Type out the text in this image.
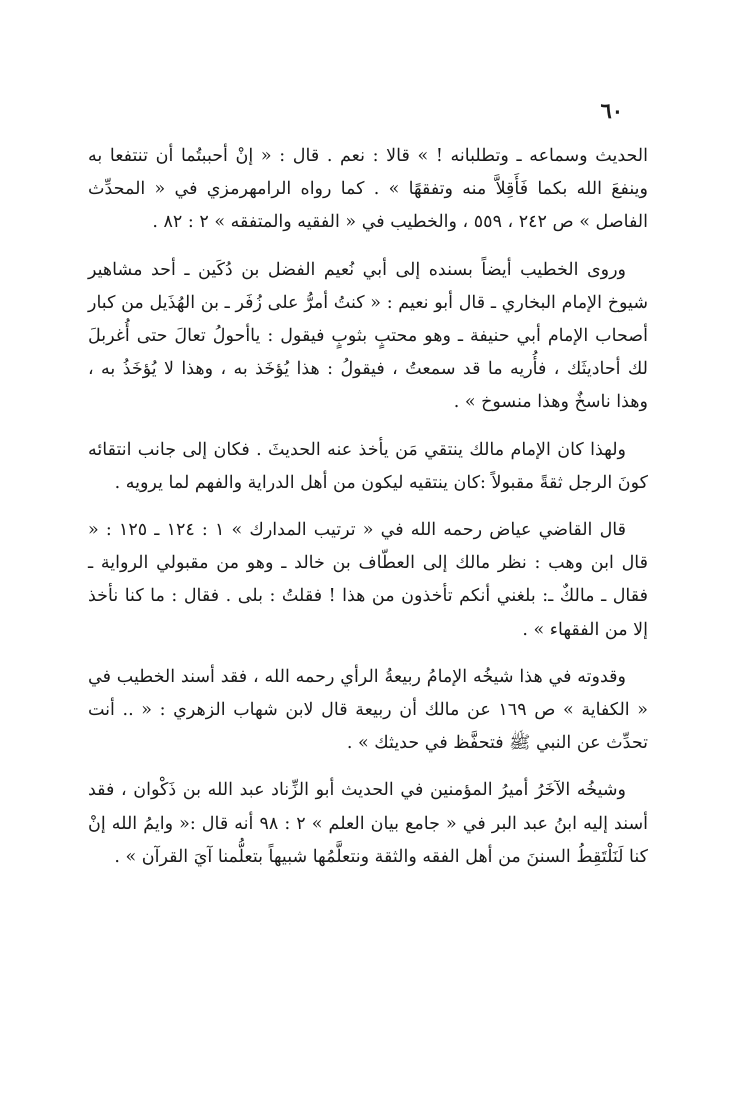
٦٠

الحديث وسماعه ـ وتطلبانه ! » قالا : نعم . قال : « إنْ أحببتُما أن تنتفعا به وينفعَ الله بكما فَأَقِلاَّ منه وتفقهًا » . كما رواه الرامهرمزي في « المحدِّث الفاصل » ص ٢٤٢ ، ٥٥٩ ، والخطيب في « الفقيه والمتفقه » ٢ : ٨٢ .

وروى الخطيب أيضاً بسنده إلى أبي نُعيم الفضل بن دُكَين ـ أحد مشاهير شيوخ الإمام البخاري ـ قال أبو نعيم : « كنتُ أمرُّ على زُفَر ـ بن الهُذَيل من كبار أصحاب الإمام أبي حنيفة ـ وهو محتبٍ بثوبٍ فيقول : ياأحولُ تعالَ حتى أُغربلَ لك أحاديثَك ، فأُريه ما قد سمعتُ ، فيقولُ : هذا يُؤخَذ به ، وهذا لا يُؤخَذُ به ، وهذا ناسخٌ وهذا منسوخ » .

ولهذا كان الإمام مالك ينتقي مَن يأخذ عنه الحديثَ . فكان إلى جانب انتقائه كونَ الرجل ثقةً مقبولاً :كان ينتقيه ليكون من أهل الدراية والفهم لما يرويه .

قال القاضي عياض رحمه الله في « ترتيب المدارك » ١ : ١٢٤ ـ ١٢٥ : « قال ابن وهب : نظر مالك إلى العطّاف بن خالد ـ وهو من مقبولي الرواية ـ فقال ـ مالكٌ ـ: بلغني أنكم تأخذون من هذا ! فقلتُ : بلى . فقال : ما كنا نأخذ إلا من الفقهاء » .

وقدوته في هذا شيخُه الإمامُ ربيعةُ الرأي رحمه الله ، فقد أسند الخطيب في « الكفاية » ص ١٦٩ عن مالك أن ربيعة قال لابن شهاب الزهري : « .. أنت تحدِّث عن النبي ﷺ فتحفَّظ في حديثك » .

وشيخُه الآخَرُ أميرُ المؤمنين في الحديث أبو الزِّناد عبد الله بن ذَكْوان ، فقد أسند إليه ابنُ عبد البر في « جامع بيان العلم » ٢ : ٩٨ أنه قال :« وايمُ الله إنْ كنا لَنَلْتَقِطُ السننَ من أهل الفقه والثقة ونتعلَّمُها شبيهاً بتعلُّمنا آيَ القرآن » .
